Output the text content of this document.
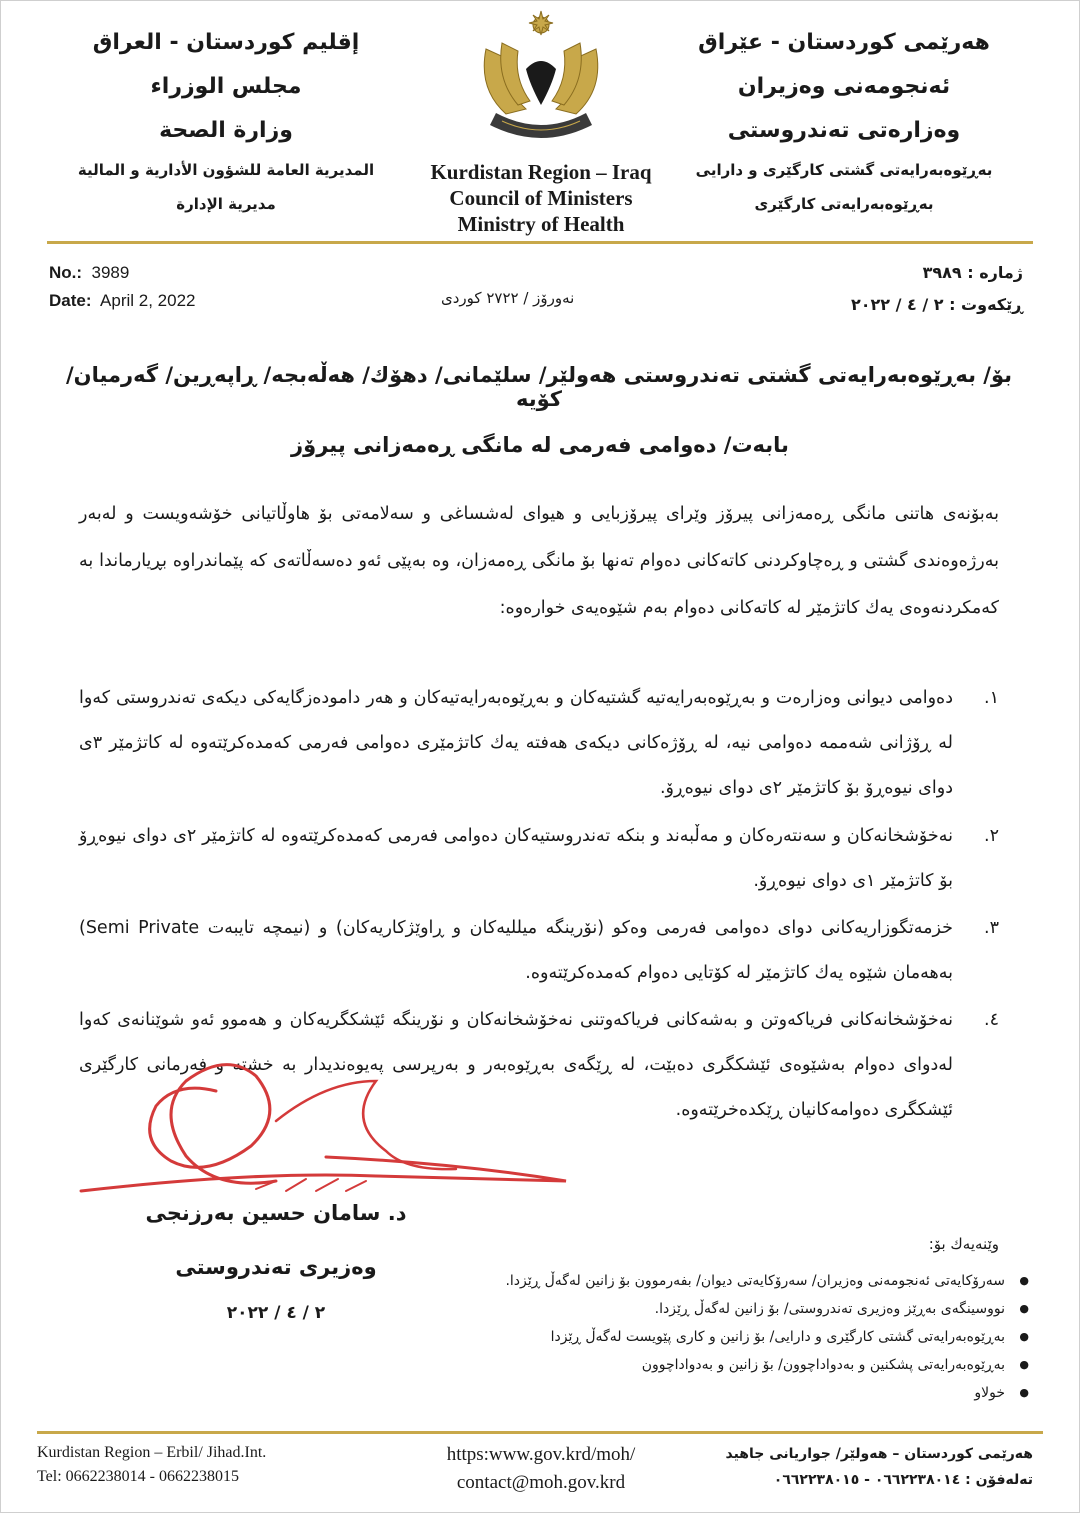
إقليم كوردستان - العراق
مجلس الوزراء
وزارة الصحة
المديرية العامة للشؤون الأدارية و المالية
مديرية الإدارة
Kurdistan Region – Iraq
Council of Ministers
Ministry of Health
هەرێمی کوردستان - عێراق
ئەنجومەنی وەزیران
وەزارەتی تەندروستی
بەڕێوەبەرایەتی گشتی کارگێری و دارایی
بەڕێوەبەرایەتی کارگێری
No.: 3989
Date: April 2, 2022	نەورۆز / ٢٧٢٢ كوردی
ژمارە : ٣٩٨٩
ڕێکەوت : ٢ / ٤ / ٢٠٢٢
بۆ/ بەڕێوەبەرایەتی گشتی تەندروستی هەولێر/ سلێمانی/ دهۆك/ هەڵەبجە/ ڕاپەڕین/ گەرمیان/ كۆیە
بابەت/ دەوامی فەرمی لە مانگی ڕەمەزانی پیرۆز
بەبۆنەی هاتنی مانگی ڕەمەزانی پیرۆز وێرای پیرۆزبایی و هیوای لەشساغی و سەلامەتی بۆ هاوڵاتیانی خۆشەویست و لەبەر بەرژەوەندی گشتی و ڕەچاوكردنی كاتەكانی دەوام تەنها بۆ مانگی ڕەمەزان، وە بەپێی ئەو دەسەڵاتەی كە پێماندراوە بڕیارماندا بە كەمكردنەوەی یەك كاتژمێر لە كاتەكانی دەوام بەم شێوەیەی خوارەوە:
١.
دەوامی دیوانی وەزارەت و بەڕێوەبەرایەتیە گشتیەكان و بەڕێوەبەرایەتیەكان و هەر دامودەزگایەكی دیكەی تەندروستی كەوا لە ڕۆژانی شەممە دەوامی نیە، لە ڕۆژەكانی دیكەی هەفتە یەك كاتژمێری دەوامی فەرمی كەمدەكرێتەوە لە كاتژمێر ٣ی دوای نیوەڕۆ بۆ كاتژمێر ٢ی دوای نیوەڕۆ.
٢.
نەخۆشخانەكان و سەنتەرەكان و مەڵبەند و بنكە تەندروستیەكان دەوامی فەرمی كەمدەكرێتەوە لە كاتژمێر ٢ی دوای نیوەڕۆ بۆ كاتژمێر ١ی دوای نیوەڕۆ.
٣.
خزمەتگوزاریەكانی دوای دەوامی فەرمی وەكو (نۆرینگە میللیەكان و ڕاوێژكاریەكان) و (نیمچە تایبەت Semi Private) بەهەمان شێوە یەك كاتژمێر لە كۆتایی دەوام كەمدەكرێتەوە.
٤.
نەخۆشخانەكانی فریاكەوتن و بەشەكانی فریاكەوتنی نەخۆشخانەكان و نۆرینگە ئێشكگریەكان و هەموو ئەو شوێنانەی كەوا لەدوای دەوام بەشێوەی ئێشكگری دەبێت، لە ڕێگەی بەڕێوەبەر و بەرپرسی پەیوەندیدار بە خشتە و فەرمانی كارگێری ئێشكگری دەوامەكانیان ڕێكدەخرێتەوە.
د. سامان حسین بەرزنجی
وەزیری تەندروستی
٢ / ٤ / ٢٠٢٢
وێنەیەك بۆ:
● سەرۆكایەتی ئەنجومەنی وەزیران/ سەرۆكایەتی دیوان/ بفەرموون بۆ زانین لەگەڵ ڕێزدا.
● نووسینگەی بەڕێز وەزیری تەندروستی/ بۆ زانین لەگەڵ ڕێزدا.
● بەڕێوەبەرایەتی گشتی كارگێری و دارایی/ بۆ زانین و كاری پێویست لەگەڵ ڕێزدا
● بەڕێوەبەرایەتی پشكنین و بەدواداچوون/ بۆ زانین و بەدواداچوون
● خولاو
Kurdistan Region – Erbil/ Jihad.Int.
Tel: 0662238014 - 0662238015
https:www.gov.krd/moh/
contact@moh.gov.krd
هەرێمی كوردستان – هەولێر/ جواریانی جاهید
تەلەفۆن : ٠٦٦٢٢٣٨٠١٤ - ٠٦٦٢٢٣٨٠١٥
